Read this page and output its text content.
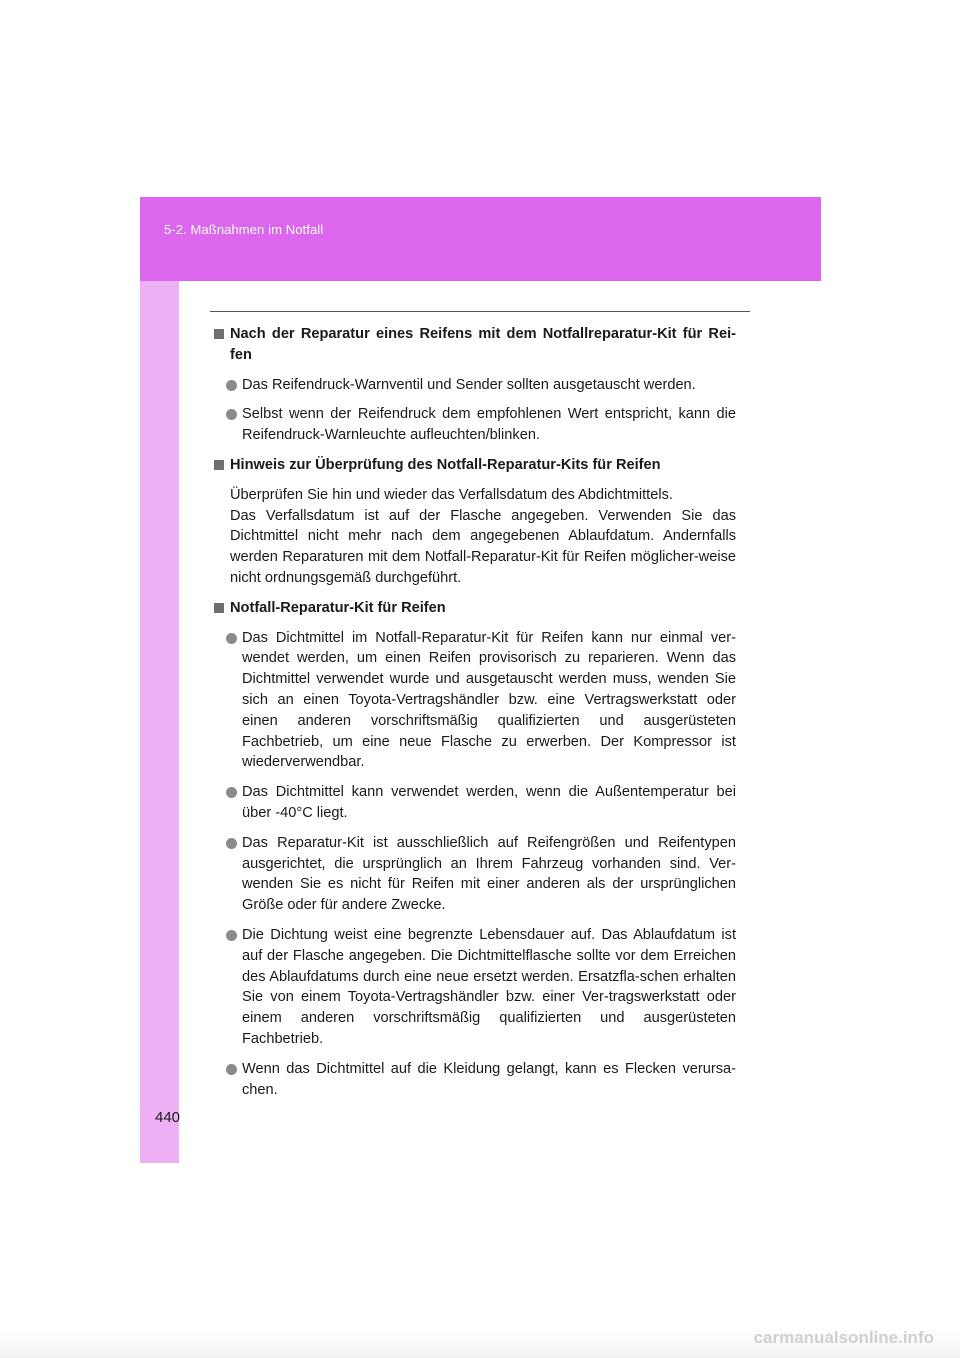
5-2. Maßnahmen im Notfall
440
Nach der Reparatur eines Reifens mit dem Notfallreparatur-Kit für Rei-fen
Das Reifendruck-Warnventil und Sender sollten ausgetauscht werden.
Selbst wenn der Reifendruck dem empfohlenen Wert entspricht, kann die Reifendruck-Warnleuchte aufleuchten/blinken.
Hinweis zur Überprüfung des Notfall-Reparatur-Kits für Reifen
Überprüfen Sie hin und wieder das Verfallsdatum des Abdichtmittels.
Das Verfallsdatum ist auf der Flasche angegeben. Verwenden Sie das Dichtmittel nicht mehr nach dem angegebenen Ablaufdatum. Andernfalls werden Reparaturen mit dem Notfall-Reparatur-Kit für Reifen möglicher-weise nicht ordnungsgemäß durchgeführt.
Notfall-Reparatur-Kit für Reifen
Das Dichtmittel im Notfall-Reparatur-Kit für Reifen kann nur einmal ver-wendet werden, um einen Reifen provisorisch zu reparieren. Wenn das Dichtmittel verwendet wurde und ausgetauscht werden muss, wenden Sie sich an einen Toyota-Vertragshändler bzw. eine Vertragswerkstatt oder einen anderen vorschriftsmäßig qualifizierten und ausgerüsteten Fachbetrieb, um eine neue Flasche zu erwerben. Der Kompressor ist wiederverwendbar.
Das Dichtmittel kann verwendet werden, wenn die Außentemperatur bei über -40°C liegt.
Das Reparatur-Kit ist ausschließlich auf Reifengrößen und Reifentypen ausgerichtet, die ursprünglich an Ihrem Fahrzeug vorhanden sind. Ver-wenden Sie es nicht für Reifen mit einer anderen als der ursprünglichen Größe oder für andere Zwecke.
Die Dichtung weist eine begrenzte Lebensdauer auf. Das Ablaufdatum ist auf der Flasche angegeben. Die Dichtmittelflasche sollte vor dem Erreichen des Ablaufdatums durch eine neue ersetzt werden. Ersatzfla-schen erhalten Sie von einem Toyota-Vertragshändler bzw. einer Ver-tragswerkstatt oder einem anderen vorschriftsmäßig qualifizierten und ausgerüsteten Fachbetrieb.
Wenn das Dichtmittel auf die Kleidung gelangt, kann es Flecken verursa-chen.
carmanualsonline.info
